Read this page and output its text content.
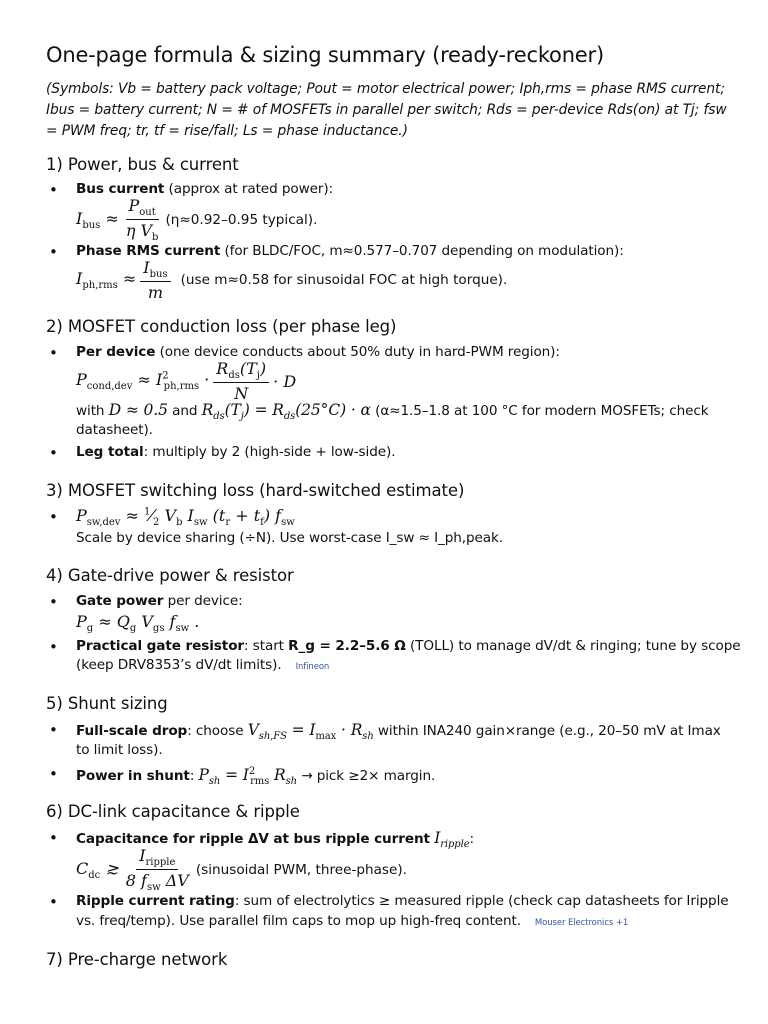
One-page formula & sizing summary (ready-reckoner)
(Symbols: Vb = battery pack voltage; Pout = motor electrical power; Iph,rms = phase RMS current; Ibus = battery current; N = # of MOSFETs in parallel per switch; Rds = per-device Rds(on) at Tj; fsw = PWM freq; tr, tf = rise/fall; Ls = phase inductance.)
1) Power, bus & current
• Bus current (approx at rated power):
$I_{bus} \approx \frac{P_{out}}{\eta V_b} (\eta\approx 0.92-0.95$ typical).
• Phase RMS current (for BLDC/FOC, m≈0.577–0.707 depending on modulation):
$I_{ph,rms} \approx \frac{I_{bus}}{m} (use$ m≈0.58 for sinusoidal FOC at high torque).
2) MOSFET conduction loss (per phase leg)
• Per device (one device conducts about 50% duty in hard-PWM region):
$P_{cond,dev} \approx I^2_{ph,rms} \cdot \frac{R_{ds}(T_j)}{N} \cdot D$
with D ≈ 0.5 and $R_{ds}(T_j) = R_{ds}(25^\circ C) \cdot \alpha$ (α≈1.5–1.8 at 100 °C for modern MOSFETs; check
datasheet).
• Leg total: multiply by 2 (high-side + low-side).
3) MOSFET switching loss (hard-switched estimate)
• $P_{sw,dev}$ ≈ $^1⁄_2$ $V_b$ $I_{sw}$ $(t_r + t_f)$ $f_{sw}$
Scale by device sharing (÷N). Use worst-case I_sw ≈ I_ph,peak.
4) Gate-drive power & resistor
• Gate power per device:
$P_g \approx Q_g$ $V_{gs}$ $f_{sw}$ .
• Practical gate resistor: start R_g = 2.2–5.6 Ω (TOLL) to manage dV/dt & ringing; tune by scope
(keep DRV8353’s dV/dt limits). Infineon
5) Shunt sizing
• Full-scale drop: choose $V_{sh,FS} = I_{max} \cdot R_{sh}$ within INA240 gain×range (e.g., 20–50 mV at Imax
to limit loss).
• Power in shunt: $P_{sh} = I^2_{rms}$ $R_{sh}$ → pick ≥2× margin.
6) DC-link capacitance & ripple
• Capacitance for ripple ΔV at bus ripple current $I_{ripple}$:
$C_{dc}$ ≳ $\frac{I_{ripple}}{8 f_{sw} \Delta V}$ (sinusoidal PWM, three-phase).
• Ripple current rating: sum of electrolytics ≥ measured ripple (check cap datasheets for Iripple
vs. freq/temp). Use parallel film caps to mop up high-freq content. Mouser Electronics +1
7) Pre-charge network
